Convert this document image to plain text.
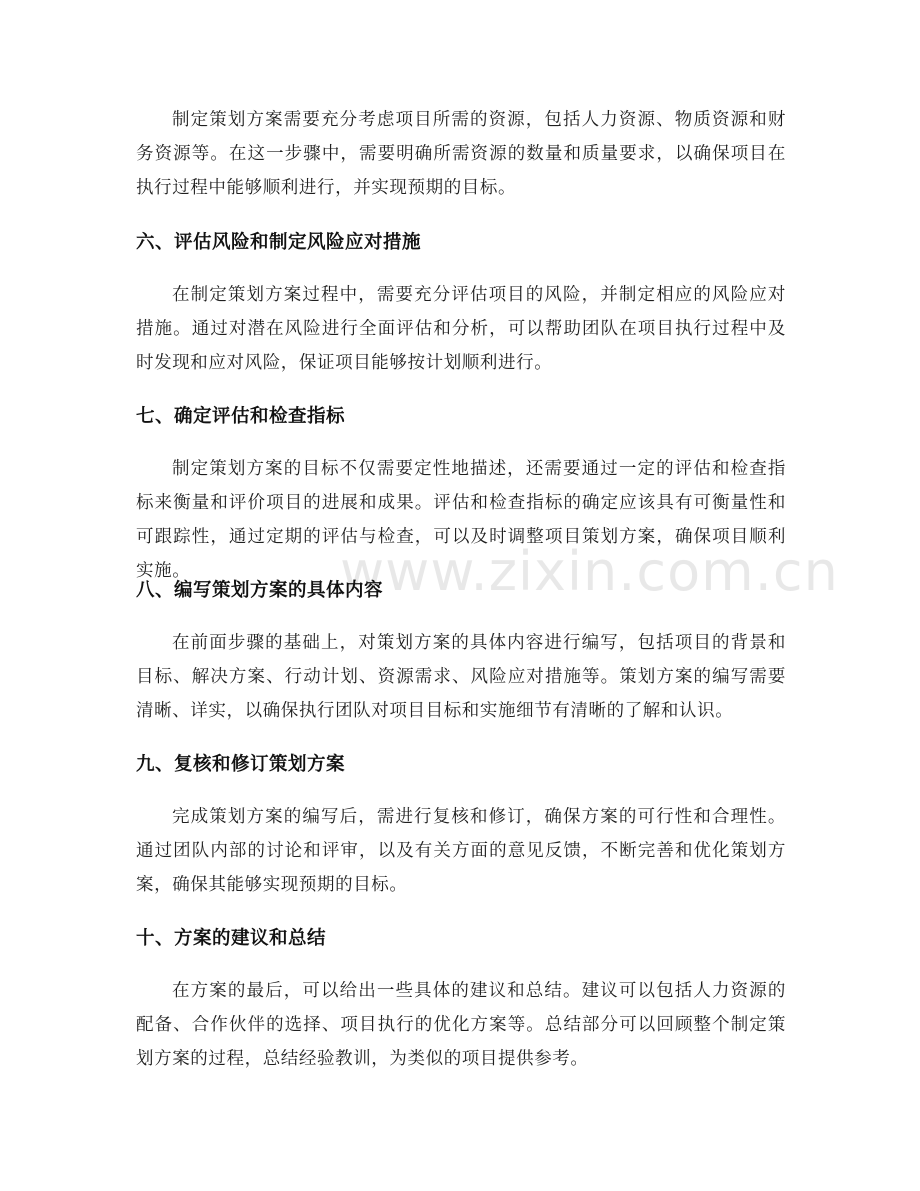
www.zixin.com.cn

制定策划方案需要充分考虑项目所需的资源，包括人力资源、物质资源和财务资源等。在这一步骤中，需要明确所需资源的数量和质量要求，以确保项目在执行过程中能够顺利进行，并实现预期的目标。

六、评估风险和制定风险应对措施

在制定策划方案过程中，需要充分评估项目的风险，并制定相应的风险应对措施。通过对潜在风险进行全面评估和分析，可以帮助团队在项目执行过程中及时发现和应对风险，保证项目能够按计划顺利进行。

七、确定评估和检查指标

制定策划方案的目标不仅需要定性地描述，还需要通过一定的评估和检查指标来衡量和评价项目的进展和成果。评估和检查指标的确定应该具有可衡量性和可跟踪性，通过定期的评估与检查，可以及时调整项目策划方案，确保项目顺利实施。

八、编写策划方案的具体内容

在前面步骤的基础上，对策划方案的具体内容进行编写，包括项目的背景和目标、解决方案、行动计划、资源需求、风险应对措施等。策划方案的编写需要清晰、详实，以确保执行团队对项目目标和实施细节有清晰的了解和认识。

九、复核和修订策划方案

完成策划方案的编写后，需进行复核和修订，确保方案的可行性和合理性。通过团队内部的讨论和评审，以及有关方面的意见反馈，不断完善和优化策划方案，确保其能够实现预期的目标。

十、方案的建议和总结

在方案的最后，可以给出一些具体的建议和总结。建议可以包括人力资源的配备、合作伙伴的选择、项目执行的优化方案等。总结部分可以回顾整个制定策划方案的过程，总结经验教训，为类似的项目提供参考。
